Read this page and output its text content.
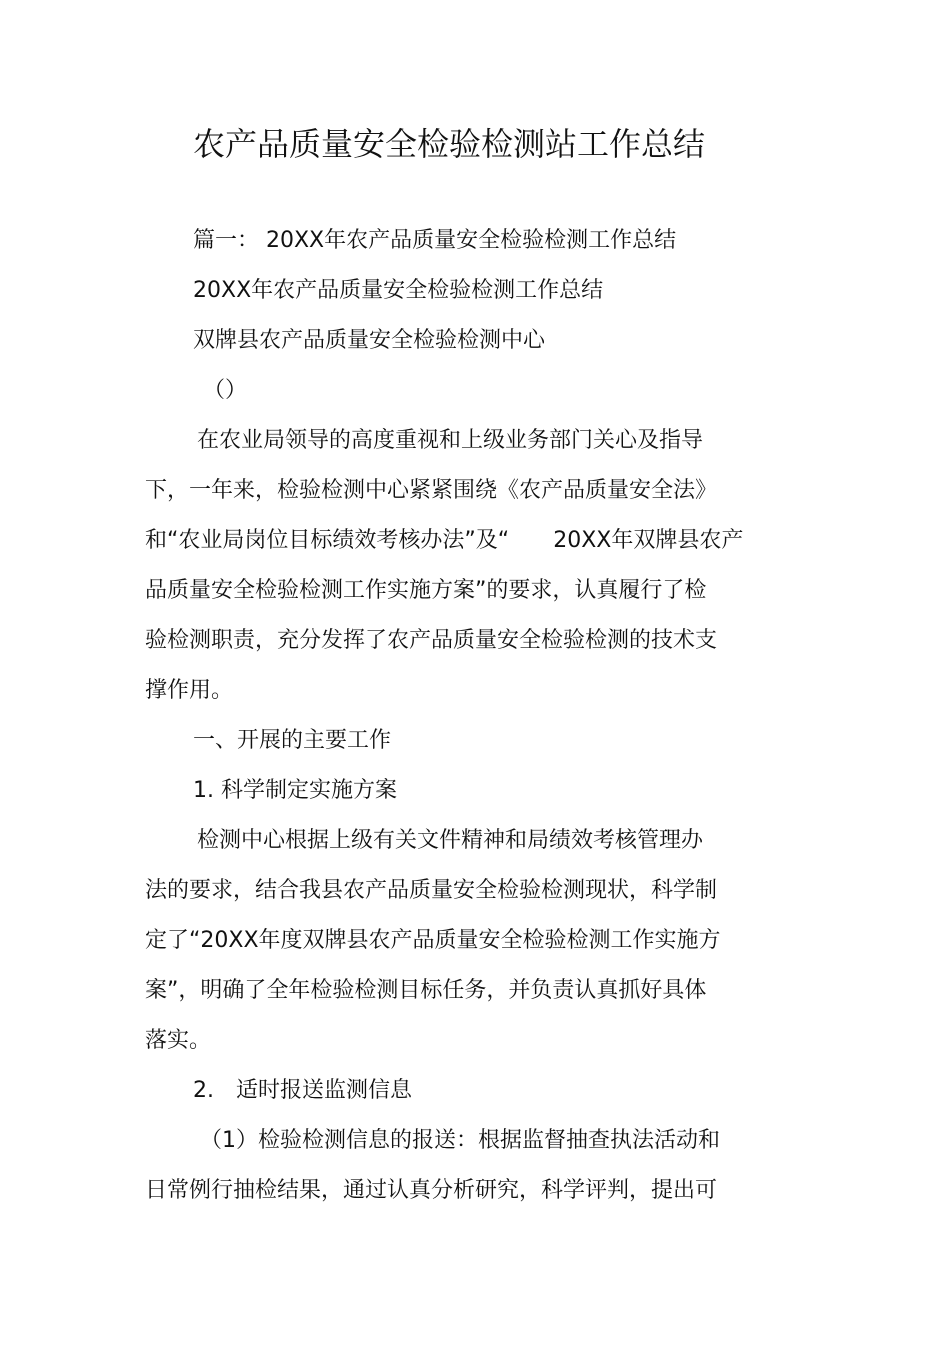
农产品质量安全检验检测站工作总结
篇一： 20XX年农产品质量安全检验检测工作总结
20XX年农产品质量安全检验检测工作总结
双牌县农产品质量安全检验检测中心
（）
在农业局领导的高度重视和上级业务部门关心及指导
下，一年来，检验检测中心紧紧围绕《农产品质量安全法》
和“农业局岗位目标绩效考核办法”及“　　20XX年双牌县农产
品质量安全检验检测工作实施方案”的要求，认真履行了检
验检测职责，充分发挥了农产品质量安全检验检测的技术支
撑作用。
一、开展的主要工作
1. 科学制定实施方案
检测中心根据上级有关文件精神和局绩效考核管理办
法的要求，结合我县农产品质量安全检验检测现状，科学制
定了“20XX年度双牌县农产品质量安全检验检测工作实施方
案”，明确了全年检验检测目标任务，并负责认真抓好具体
落实。
2.　适时报送监测信息
（1）检验检测信息的报送：根据监督抽查执法活动和
日常例行抽检结果，通过认真分析研究，科学评判，提出可
